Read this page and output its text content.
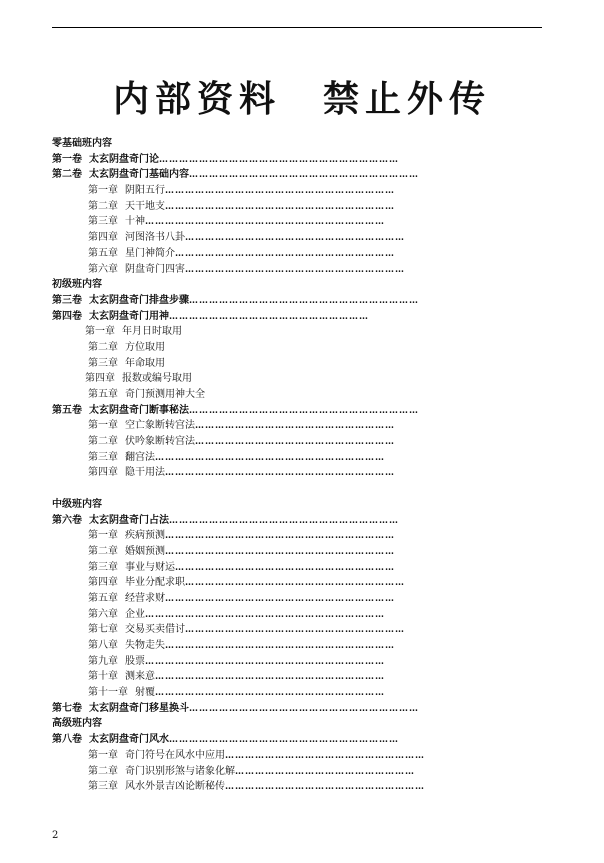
内部资料　禁止外传
零基础班内容
第一卷 太玄阴盘奇门论………………………………………………………………
第二卷 太玄阴盘奇门基础内容……………………………………………………………
第一章 阴阳五行……………………………………………………………
第二章 天干地支……………………………………………………………
第三章 十神………………………………………………………………
第四章 河图洛书八卦…………………………………………………………
第五章 星门神简介…………………………………………………………
第六章 阴盘奇门四害…………………………………………………………
初级班内容
第三卷 太玄阴盘奇门排盘步骤……………………………………………………………
第四卷 太玄阴盘奇门用神……………………………………………………
第一章 年月日时取用
第二章 方位取用
第三章 年命取用
第四章 报数或编号取用
第五章 奇门预测用神大全
第五卷 太玄阴盘奇门断事秘法……………………………………………………………
第一章 空亡象断转宫法……………………………………………………
第二章 伏吟象断转宫法……………………………………………………
第三章 翻宫法……………………………………………………………
第四章 隐干用法……………………………………………………………
中级班内容
第六卷 太玄阴盘奇门占法……………………………………………………………
第一章 疾病预测……………………………………………………………
第二章 婚姻预测……………………………………………………………
第三章 事业与财运…………………………………………………………
第四章 毕业分配求职…………………………………………………………
第五章 经营求财……………………………………………………………
第六章 企业………………………………………………………………
第七章 交易买卖借讨…………………………………………………………
第八章 失物走失……………………………………………………………
第九章 股票………………………………………………………………
第十章 测来意……………………………………………………………
第十一章 射覆……………………………………………………………
第七卷 太玄阴盘奇门移星换斗……………………………………………………………
高级班内容
第八卷 太玄阴盘奇门风水……………………………………………………………
第一章 奇门符号在风水中应用……………………………………………………
第二章 奇门识别形煞与诸象化解………………………………………………
第三章 风水外景吉凶论断秘传……………………………………………………
2
